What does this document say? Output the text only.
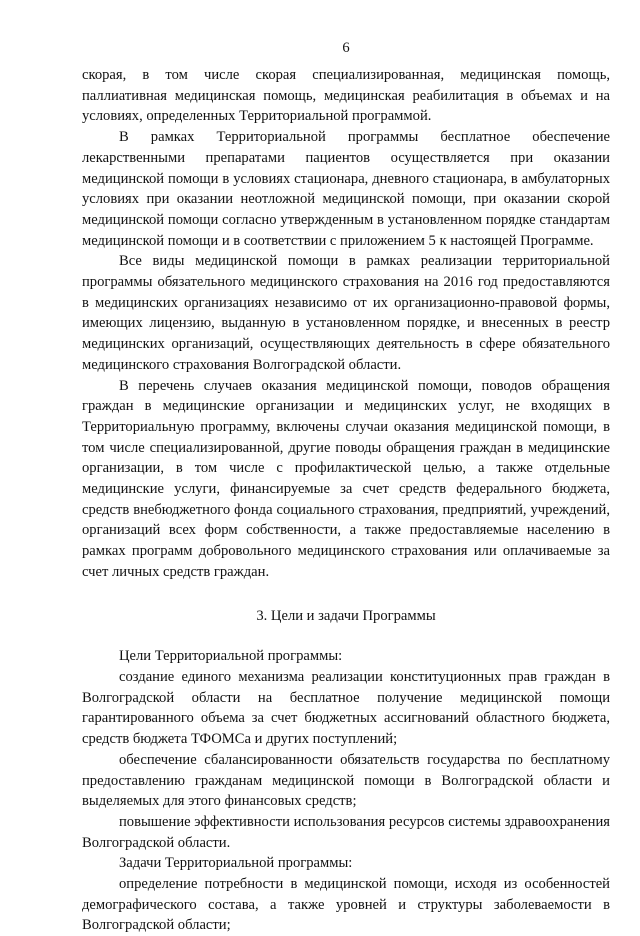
6

скорая, в том числе скорая специализированная, медицинская помощь, паллиативная медицинская помощь, медицинская реабилитация в объемах и на условиях, определенных Территориальной программой.

В рамках Территориальной программы бесплатное обеспечение лекарственными препаратами пациентов осуществляется при оказании медицинской помощи в условиях стационара, дневного стационара, в амбулаторных условиях при оказании неотложной медицинской помощи, при оказании скорой медицинской помощи согласно утвержденным в установленном порядке стандартам медицинской помощи и в соответствии с приложением 5 к настоящей Программе.

Все виды медицинской помощи в рамках реализации территориальной программы обязательного медицинского страхования на 2016 год предоставляются в медицинских организациях независимо от их организационно-правовой формы, имеющих лицензию, выданную в установленном порядке, и внесенных в реестр медицинских организаций, осуществляющих деятельность в сфере обязательного медицинского страхования Волгоградской области.

В перечень случаев оказания медицинской помощи, поводов обращения граждан в медицинские организации и медицинских услуг, не входящих в Территориальную программу, включены случаи оказания медицинской помощи, в том числе специализированной, другие поводы обращения граждан в медицинские организации, в том числе с профилактической целью, а также отдельные медицинские услуги, финансируемые за счет средств федерального бюджета, средств внебюджетного фонда социального страхования, предприятий, учреждений, организаций всех форм собственности, а также предоставляемые населению в рамках программ добровольного медицинского страхования или оплачиваемые за счет личных средств граждан.

3. Цели и задачи Программы

Цели Территориальной программы:

создание единого механизма реализации конституционных прав граждан в Волгоградской области на бесплатное получение медицинской помощи гарантированного объема за счет бюджетных ассигнований областного бюджета, средств бюджета ТФОМСа и других поступлений;

обеспечение сбалансированности обязательств государства по бесплатному предоставлению гражданам медицинской помощи в Волгоградской области и выделяемых для этого финансовых средств;

повышение эффективности использования ресурсов системы здравоохранения Волгоградской области.

Задачи Территориальной программы:

определение потребности в медицинской помощи, исходя из особенностей демографического состава, а также уровней и структуры заболеваемости в Волгоградской области;
